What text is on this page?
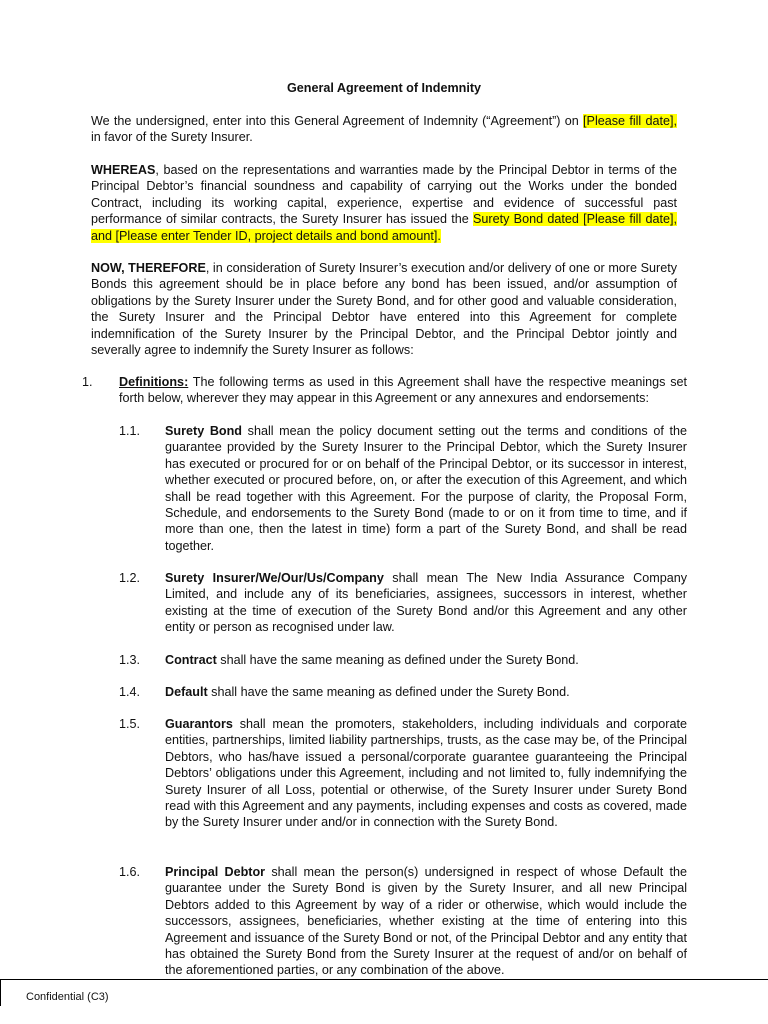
General Agreement of Indemnity

We the undersigned, enter into this General Agreement of Indemnity (“Agreement”) on [Please fill date], in favor of the Surety Insurer.

WHEREAS, based on the representations and warranties made by the Principal Debtor in terms of the Principal Debtor’s financial soundness and capability of carrying out the Works under the bonded Contract, including its working capital, experience, expertise and evidence of successful past performance of similar contracts, the Surety Insurer has issued the Surety Bond dated [Please fill date], and [Please enter Tender ID, project details and bond amount].

NOW, THEREFORE, in consideration of Surety Insurer’s execution and/or delivery of one or more Surety Bonds this agreement should be in place before any bond has been issued, and/or assumption of obligations by the Surety Insurer under the Surety Bond, and for other good and valuable consideration, the Surety Insurer and the Principal Debtor have entered into this Agreement for complete indemnification of the Surety Insurer by the Principal Debtor, and the Principal Debtor jointly and severally agree to indemnify the Surety Insurer as follows:

1. Definitions: The following terms as used in this Agreement shall have the respective meanings set forth below, wherever they may appear in this Agreement or any annexures and endorsements:

1.1. Surety Bond shall mean the policy document setting out the terms and conditions of the guarantee provided by the Surety Insurer to the Principal Debtor, which the Surety Insurer has executed or procured for or on behalf of the Principal Debtor, or its successor in interest, whether executed or procured before, on, or after the execution of this Agreement, and which shall be read together with this Agreement. For the purpose of clarity, the Proposal Form, Schedule, and endorsements to the Surety Bond (made to or on it from time to time, and if more than one, then the latest in time) form a part of the Surety Bond, and shall be read together.

1.2. Surety Insurer/We/Our/Us/Company shall mean The New India Assurance Company Limited, and include any of its beneficiaries, assignees, successors in interest, whether existing at the time of execution of the Surety Bond and/or this Agreement and any other entity or person as recognised under law.

1.3. Contract shall have the same meaning as defined under the Surety Bond.

1.4. Default shall have the same meaning as defined under the Surety Bond.

1.5. Guarantors shall mean the promoters, stakeholders, including individuals and corporate entities, partnerships, limited liability partnerships, trusts, as the case may be, of the Principal Debtors, who has/have issued a personal/corporate guarantee guaranteeing the Principal Debtors’ obligations under this Agreement, including and not limited to, fully indemnifying the Surety Insurer of all Loss, potential or otherwise, of the Surety Insurer under Surety Bond read with this Agreement and any payments, including expenses and costs as covered, made by the Surety Insurer under and/or in connection with the Surety Bond.

1.6. Principal Debtor shall mean the person(s) undersigned in respect of whose Default the guarantee under the Surety Bond is given by the Surety Insurer, and all new Principal Debtors added to this Agreement by way of a rider or otherwise, which would include the successors, assignees, beneficiaries, whether existing at the time of entering into this Agreement and issuance of the Surety Bond or not, of the Principal Debtor and any entity that has obtained the Surety Bond from the Surety Insurer at the request of and/or on behalf of the aforementioned parties, or any combination of the above.

Confidential (C3)
